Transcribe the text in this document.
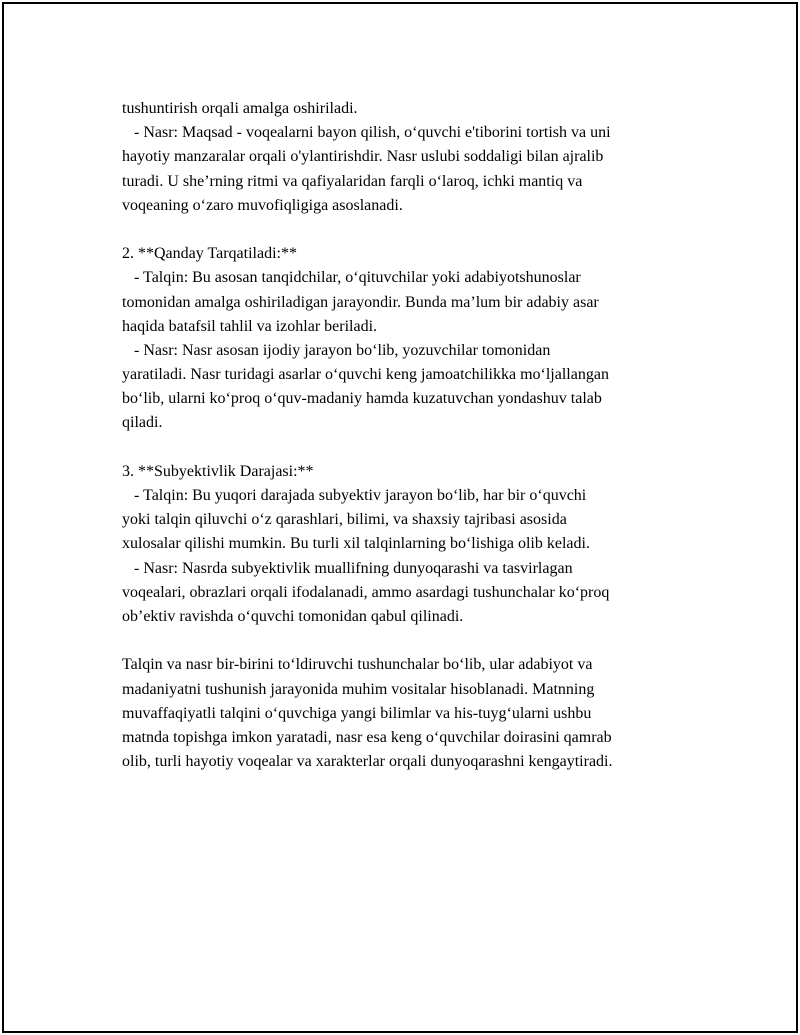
tushuntirish orqali amalga oshiriladi.
- Nasr: Maqsad - voqealarni bayon qilish, o‘quvchi e'tiborini tortish va uni
hayotiy manzaralar orqali o'ylantirishdir. Nasr uslubi soddaligi bilan ajralib
turadi. U she’rning ritmi va qafiyalaridan farqli o‘laroq, ichki mantiq va
voqeaning o‘zaro muvofiqligiga asoslanadi.
2. **Qanday Tarqatiladi:**
- Talqin: Bu asosan tanqidchilar, o‘qituvchilar yoki adabiyotshunoslar
tomonidan amalga oshiriladigan jarayondir. Bunda ma’lum bir adabiy asar
haqida batafsil tahlil va izohlar beriladi.
- Nasr: Nasr asosan ijodiy jarayon bo‘lib, yozuvchilar tomonidan
yaratiladi. Nasr turidagi asarlar o‘quvchi keng jamoatchilikka mo‘ljallangan
bo‘lib, ularni ko‘proq o‘quv-madaniy hamda kuzatuvchan yondashuv talab
qiladi.
3. **Subyektivlik Darajasi:**
- Talqin: Bu yuqori darajada subyektiv jarayon bo‘lib, har bir o‘quvchi
yoki talqin qiluvchi o‘z qarashlari, bilimi, va shaxsiy tajribasi asosida
xulosalar qilishi mumkin. Bu turli xil talqinlarning bo‘lishiga olib keladi.
- Nasr: Nasrda subyektivlik muallifning dunyoqarashi va tasvirlagan
voqealari, obrazlari orqali ifodalanadi, ammo asardagi tushunchalar ko‘proq
ob’ektiv ravishda o‘quvchi tomonidan qabul qilinadi.
Talqin va nasr bir-birini to‘ldiruvchi tushunchalar bo‘lib, ular adabiyot va
madaniyatni tushunish jarayonida muhim vositalar hisoblanadi. Matnning
muvaffaqiyatli talqini o‘quvchiga yangi bilimlar va his-tuyg‘ularni ushbu
matnda topishga imkon yaratadi, nasr esa keng o‘quvchilar doirasini qamrab
olib, turli hayotiy voqealar va xarakterlar orqali dunyoqarashni kengaytiradi.
